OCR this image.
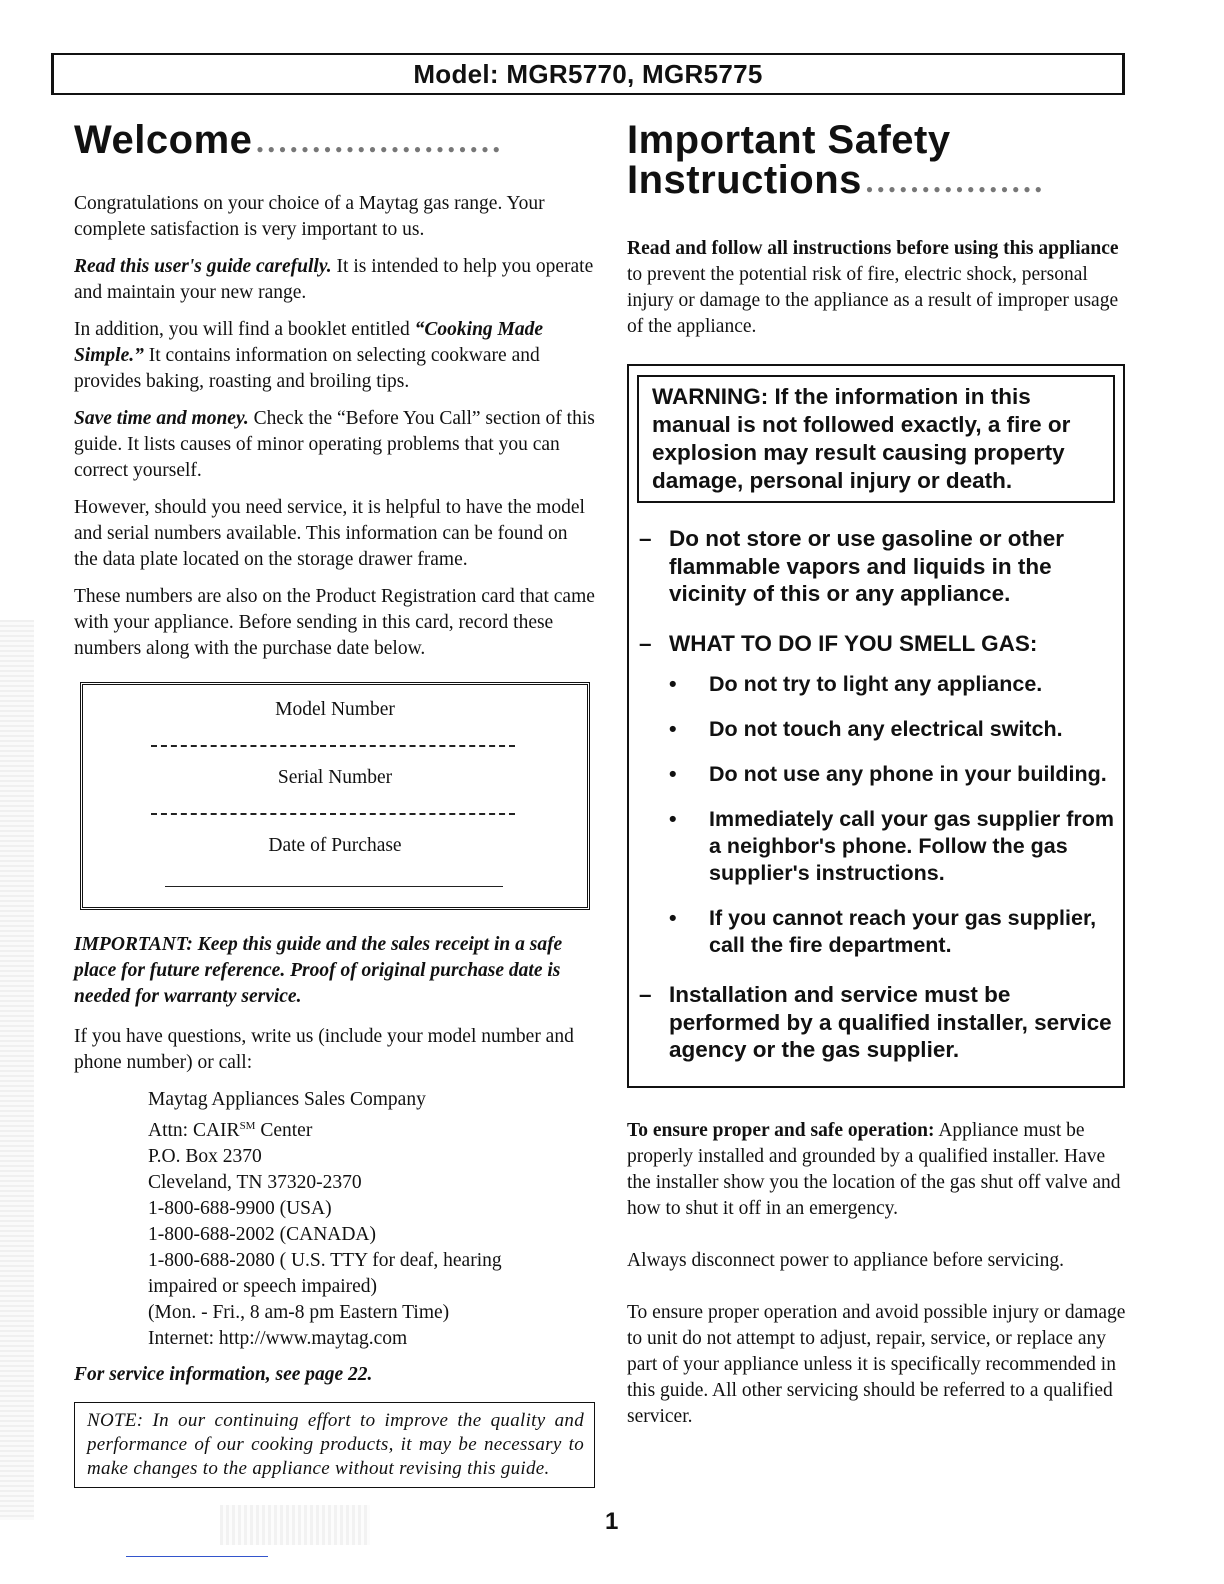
Model: MGR5770, MGR5775
Welcome ●●●●●●●●●●●●●●●●●●●●●●

Congratulations on your choice of a Maytag gas range. Your complete satisfaction is very important to us.

Read this user's guide carefully. It is intended to help you operate and maintain your new range.

In addition, you will find a booklet entitled “Cooking Made Simple.” It contains information on selecting cookware and provides baking, roasting and broiling tips.

Save time and money. Check the “Before You Call” section of this guide. It lists causes of minor operating problems that you can correct yourself.

However, should you need service, it is helpful to have the model and serial numbers available. This information can be found on the data plate located on the storage drawer frame.

These numbers are also on the Product Registration card that came with your appliance. Before sending in this card, record these numbers along with the purchase date below.

Model Number
Serial Number
Date of Purchase

IMPORTANT: Keep this guide and the sales receipt in a safe place for future reference. Proof of original purchase date is needed for warranty service.

If you have questions, write us (include your model number and phone number) or call:

Maytag Appliances Sales Company
Attn: CAIR℠ Center
P.O. Box 2370
Cleveland, TN 37320-2370
1-800-688-9900 (USA)
1-800-688-2002 (CANADA)
1-800-688-2080 ( U.S. TTY for deaf, hearing
impaired or speech impaired)
(Mon. - Fri., 8 am-8 pm Eastern Time)
Internet: http://www.maytag.com

For service information, see page 22.

NOTE: In our continuing effort to improve the quality and performance of our cooking products, it may be necessary to make changes to the appliance without revising this guide.
Important Safety
Instructions ●●●●●●●●●●●●●●●●

Read and follow all instructions before using this appliance to prevent the potential risk of fire, electric shock, personal injury or damage to the appliance as a result of improper usage of the appliance.

WARNING: If the information in this manual is not followed exactly, a fire or explosion may result causing property damage, personal injury or death.
– Do not store or use gasoline or other flammable vapors and liquids in the vicinity of this or any appliance.
– WHAT TO DO IF YOU SMELL GAS:
•	Do not try to light any appliance.
•	Do not touch any electrical switch.
•	Do not use any phone in your building.
•	Immediately call your gas supplier from a neighbor's phone. Follow the gas supplier's instructions.
•	If you cannot reach your gas supplier, call the fire department.
– Installation and service must be performed by a qualified installer, service agency or the gas supplier.

To ensure proper and safe operation: Appliance must be properly installed and grounded by a qualified installer. Have the installer show you the location of the gas shut off valve and how to shut it off in an emergency.

Always disconnect power to appliance before servicing.

To ensure proper operation and avoid possible injury or damage to unit do not attempt to adjust, repair, service, or replace any part of your appliance unless it is specifically recommended in this guide. All other servicing should be referred to a qualified servicer.

1
